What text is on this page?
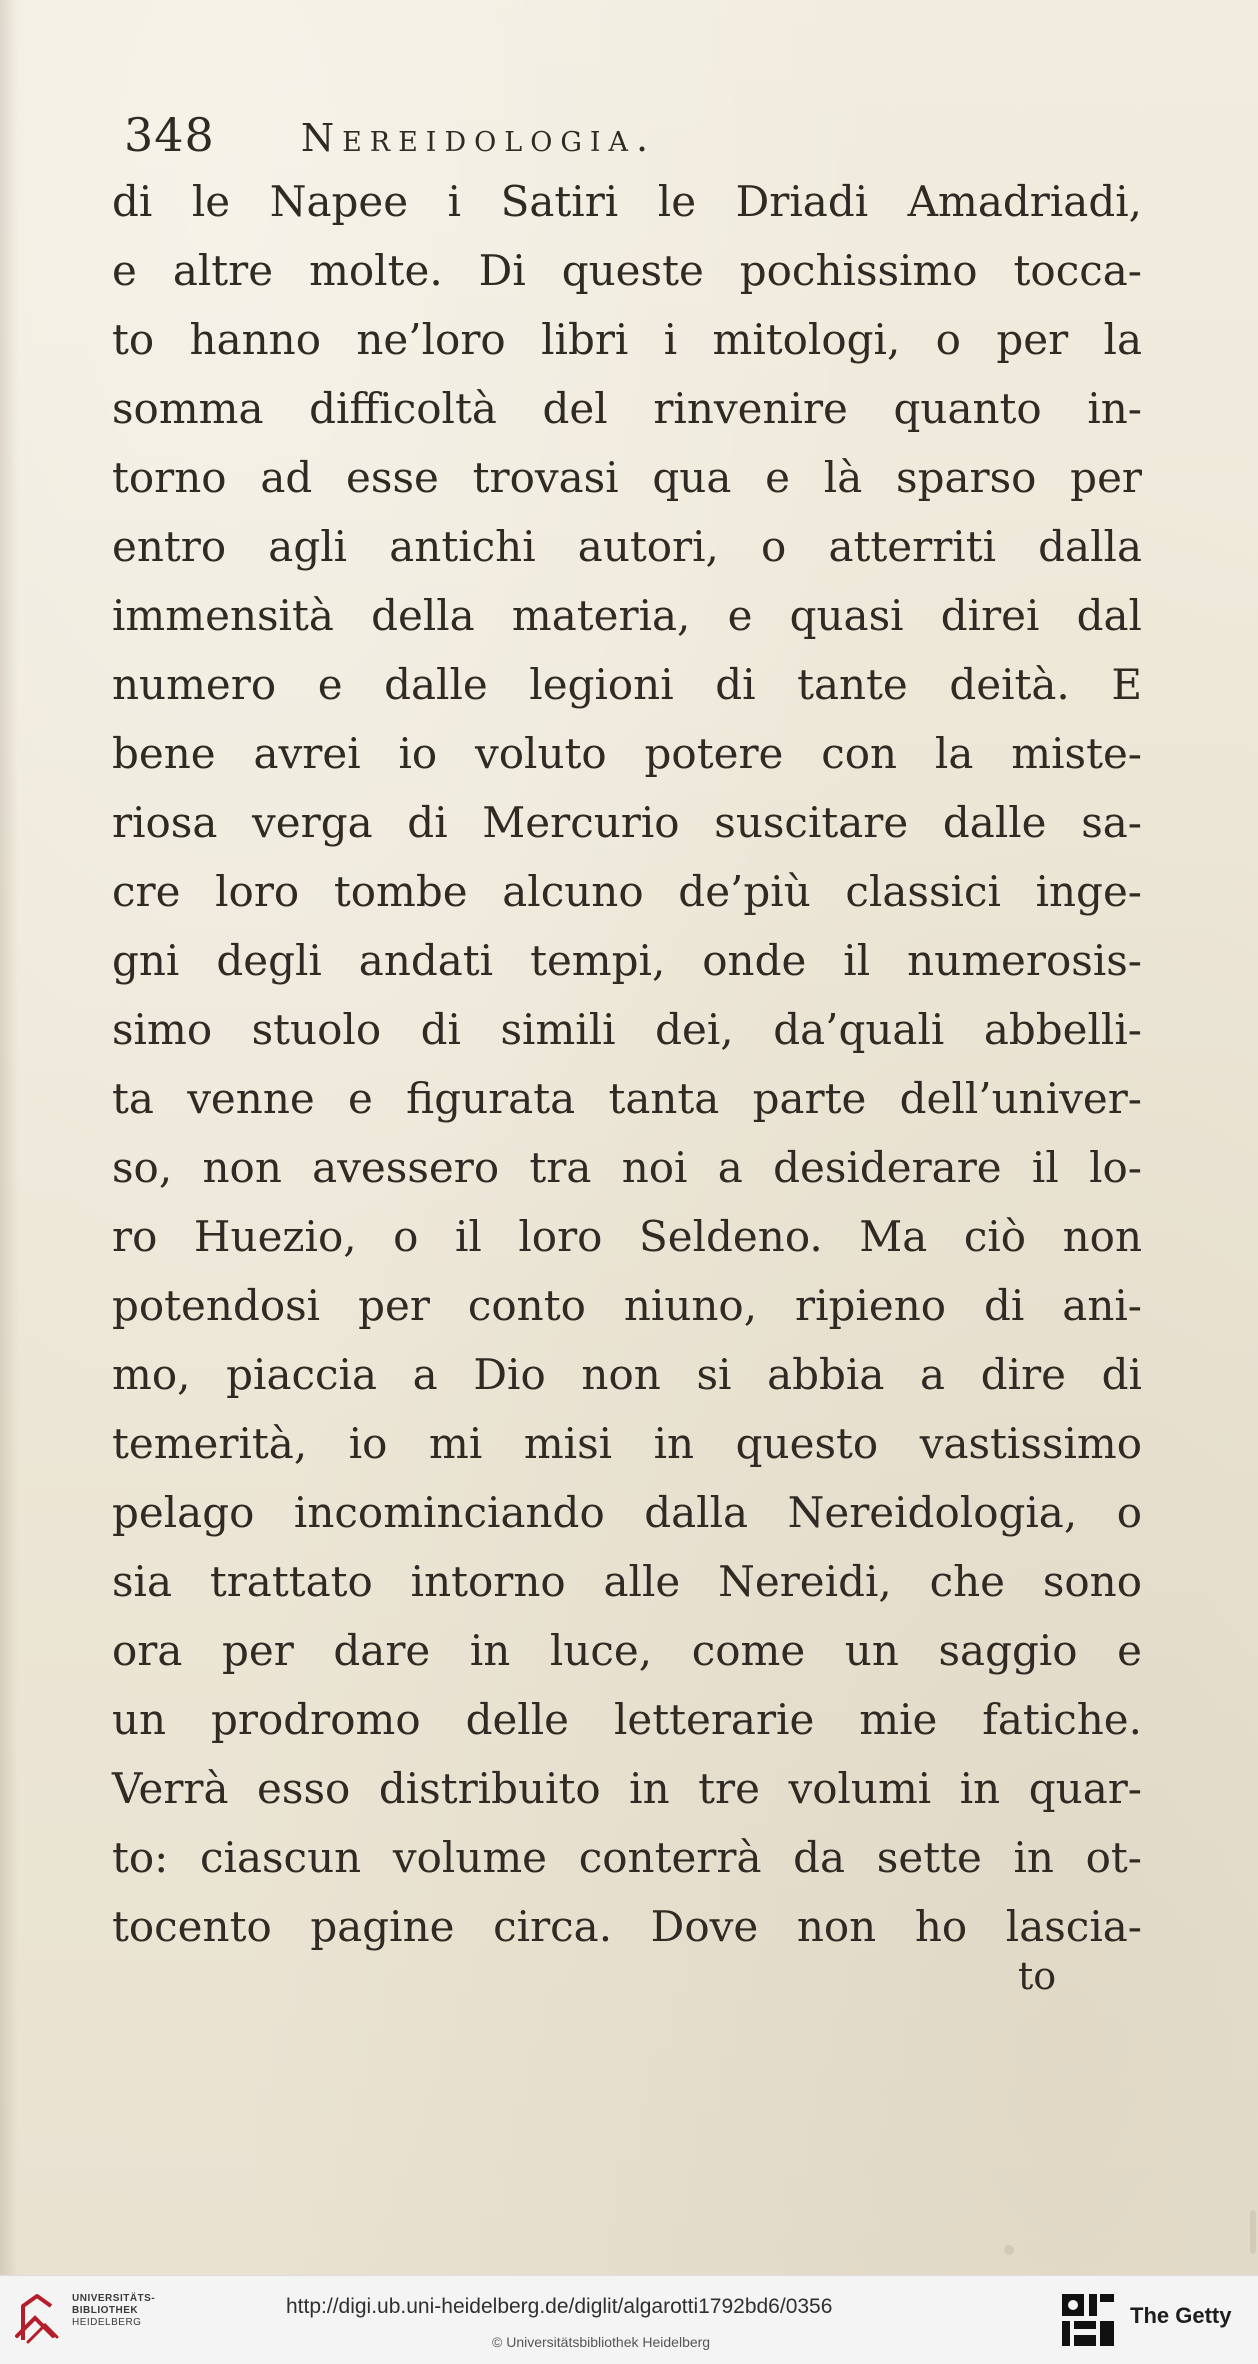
348 Nereidologia.
di le Napee i Satiri le Driadi Amadriadi,
e altre molte. Di queste pochissimo tocca-
to hanno ne’loro libri i mitologi, o per la
somma difficoltà del rinvenire quanto in-
torno ad esse trovasi qua e là sparso per
entro agli antichi autori, o atterriti dalla
immensità della materia, e quasi direi dal
numero e dalle legioni di tante deità. E
bene avrei io voluto potere con la miste-
riosa verga di Mercurio suscitare dalle sa-
cre loro tombe alcuno de’più classici inge-
gni degli andati tempi, onde il numerosis-
simo stuolo di simili dei, da’quali abbelli-
ta venne e figurata tanta parte dell’univer-
so, non avessero tra noi a desiderare il lo-
ro Huezio, o il loro Seldeno. Ma ciò non
potendosi per conto niuno, ripieno di ani-
mo, piaccia a Dio non si abbia a dire di
temerità, io mi misi in questo vastissimo
pelago incominciando dalla Nereidologia, o
sia trattato intorno alle Nereidi, che sono
ora per dare in luce, come un saggio e
un prodromo delle letterarie mie fatiche.
Verrà esso distribuito in tre volumi in quar-
to: ciascun volume conterrà da sette in ot-
tocento pagine circa. Dove non ho lascia-
to
UNIVERSITÄTS-
BIBLIOTHEK
HEIDELBERG
http://digi.ub.uni-heidelberg.de/diglit/algarotti1792bd6/0356
© Universitätsbibliothek Heidelberg
The Getty
